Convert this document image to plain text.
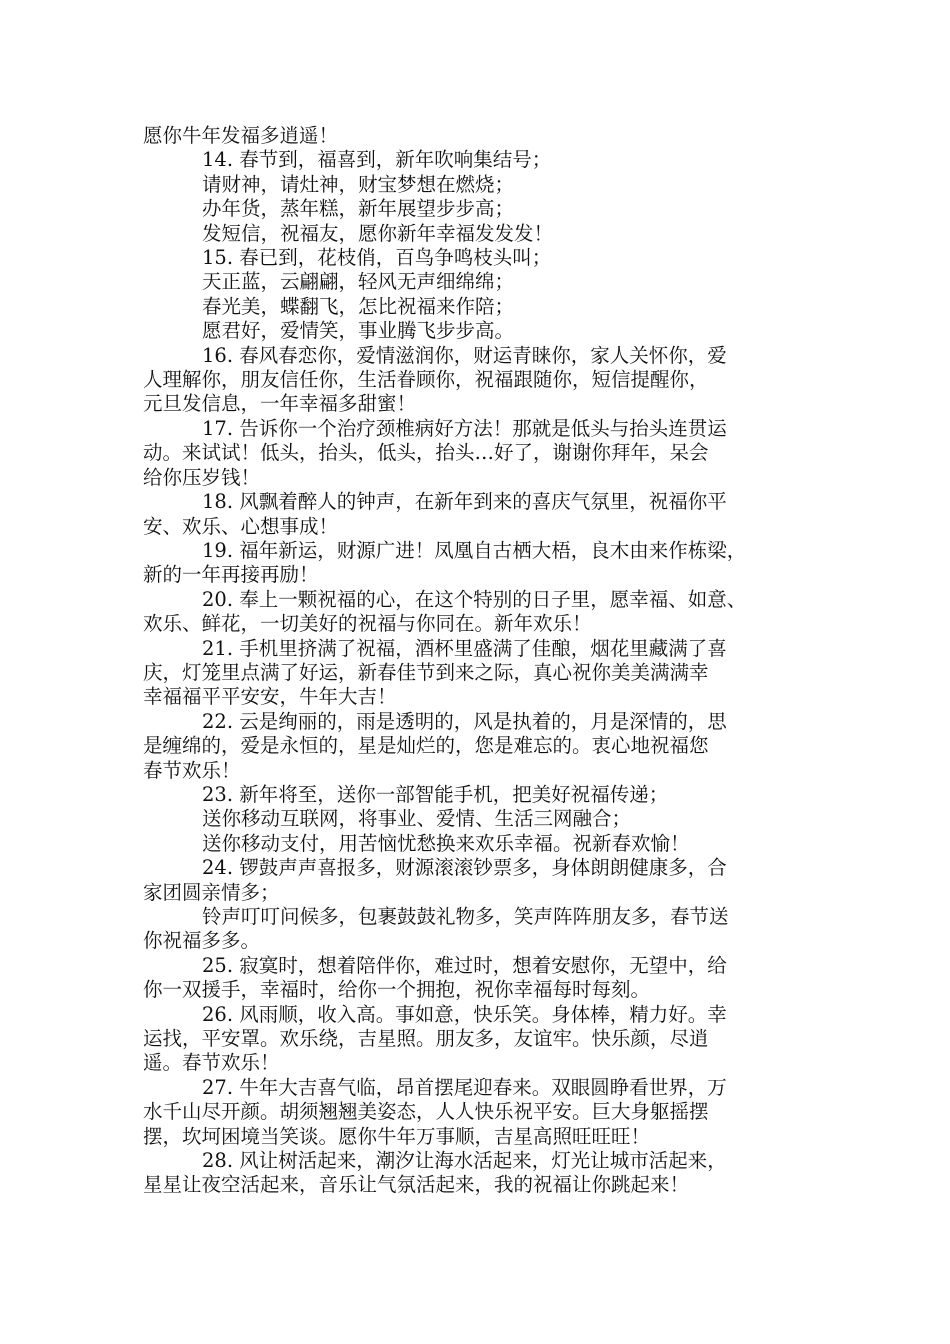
愿你牛年发福多逍遥！
14. 春节到，福喜到，新年吹响集结号；
请财神，请灶神，财宝梦想在燃烧；
办年货，蒸年糕，新年展望步步高；
发短信，祝福友，愿你新年幸福发发发！
15. 春已到，花枝俏，百鸟争鸣枝头叫；
天正蓝，云翩翩，轻风无声细绵绵；
春光美，蝶翻飞，怎比祝福来作陪；
愿君好，爱情笑，事业腾飞步步高。
16. 春风春恋你，爱情滋润你，财运青睐你，家人关怀你，爱
人理解你，朋友信任你，生活眷顾你，祝福跟随你，短信提醒你，
元旦发信息，一年幸福多甜蜜！
17. 告诉你一个治疗颈椎病好方法！那就是低头与抬头连贯运
动。来试试！低头，抬头，低头，抬头…好了，谢谢你拜年，呆会
给你压岁钱！
18. 风飘着醉人的钟声，在新年到来的喜庆气氛里，祝福你平
安、欢乐、心想事成！
19. 福年新运，财源广进！凤凰自古栖大梧，良木由来作栋梁，
新的一年再接再励！
20. 奉上一颗祝福的心，在这个特别的日子里，愿幸福、如意、
欢乐、鲜花，一切美好的祝福与你同在。新年欢乐！
21. 手机里挤满了祝福，酒杯里盛满了佳酿，烟花里藏满了喜
庆，灯笼里点满了好运，新春佳节到来之际，真心祝你美美满满幸
幸福福平平安安，牛年大吉！
22. 云是绚丽的，雨是透明的，风是执着的，月是深情的，思
是缠绵的，爱是永恒的，星是灿烂的，您是难忘的。衷心地祝福您
春节欢乐！
23. 新年将至，送你一部智能手机，把美好祝福传递；
送你移动互联网，将事业、爱情、生活三网融合；
送你移动支付，用苦恼忧愁换来欢乐幸福。祝新春欢愉！
24. 锣鼓声声喜报多，财源滚滚钞票多，身体朗朗健康多，合
家团圆亲情多；
铃声叮叮问候多，包裹鼓鼓礼物多，笑声阵阵朋友多，春节送
你祝福多多。
25. 寂寞时，想着陪伴你，难过时，想着安慰你，无望中，给
你一双援手，幸福时，给你一个拥抱，祝你幸福每时每刻。
26. 风雨顺，收入高。事如意，快乐笑。身体棒，精力好。幸
运找，平安罩。欢乐绕，吉星照。朋友多，友谊牢。快乐颜，尽逍
遥。春节欢乐！
27. 牛年大吉喜气临，昂首摆尾迎春来。双眼圆睁看世界，万
水千山尽开颜。胡须翘翘美姿态，人人快乐祝平安。巨大身躯摇摆
摆，坎坷困境当笑谈。愿你牛年万事顺，吉星高照旺旺旺！
28. 风让树活起来，潮汐让海水活起来，灯光让城市活起来，
星星让夜空活起来，音乐让气氛活起来，我的祝福让你跳起来！
